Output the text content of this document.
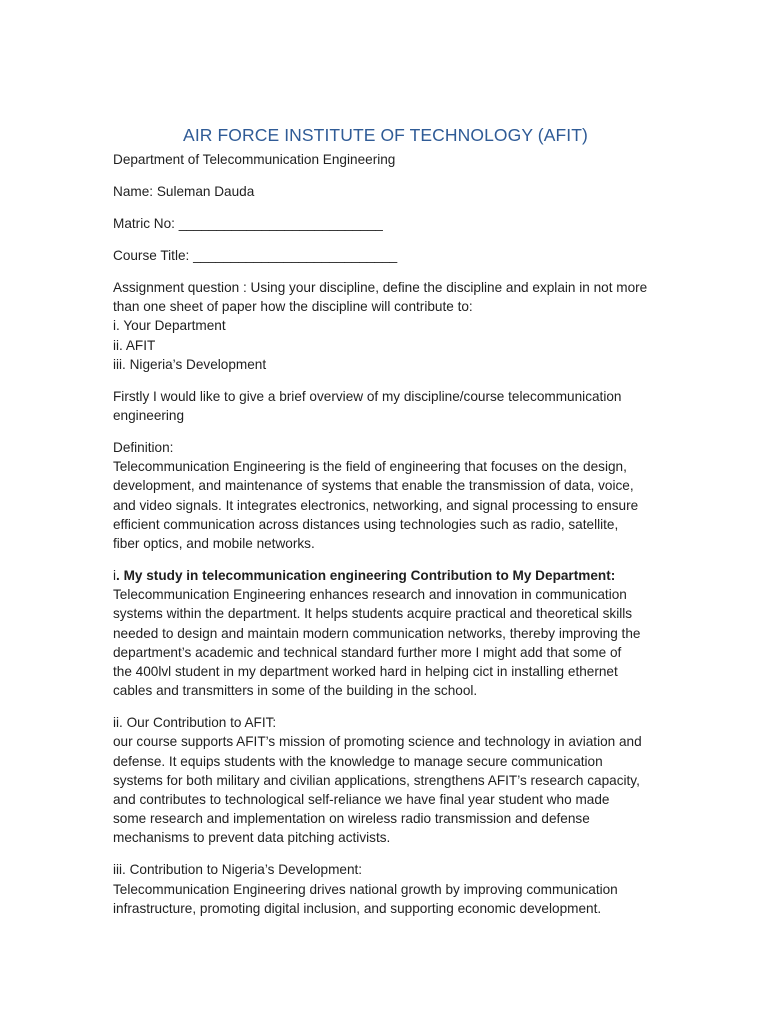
AIR FORCE INSTITUTE OF TECHNOLOGY (AFIT)

Department of Telecommunication Engineering

Name: Suleman Dauda

Matric No: ___________________________

Course Title: ___________________________

Assignment question : Using your discipline, define the discipline and explain in not more
than one sheet of paper how the discipline will contribute to:
i. Your Department
ii. AFIT
iii. Nigeria’s Development

Firstly I would like to give a brief overview of my discipline/course telecommunication
engineering

Definition:
Telecommunication Engineering is the field of engineering that focuses on the design,
development, and maintenance of systems that enable the transmission of data, voice,
and video signals. It integrates electronics, networking, and signal processing to ensure
efficient communication across distances using technologies such as radio, satellite,
fiber optics, and mobile networks.

i. My study in telecommunication engineering Contribution to My Department:
Telecommunication Engineering enhances research and innovation in communication
systems within the department. It helps students acquire practical and theoretical skills
needed to design and maintain modern communication networks, thereby improving the
department’s academic and technical standard further more I might add that some of
the 400lvl student in my department worked hard in helping cict in installing ethernet
cables and transmitters in some of the building in the school.

ii. Our Contribution to AFIT:
our course supports AFIT’s mission of promoting science and technology in aviation and
defense. It equips students with the knowledge to manage secure communication
systems for both military and civilian applications, strengthens AFIT’s research capacity,
and contributes to technological self-reliance we have final year student who made
some research and implementation on wireless radio transmission and defense
mechanisms to prevent data pitching activists.

iii. Contribution to Nigeria’s Development:
Telecommunication Engineering drives national growth by improving communication
infrastructure, promoting digital inclusion, and supporting economic development.
